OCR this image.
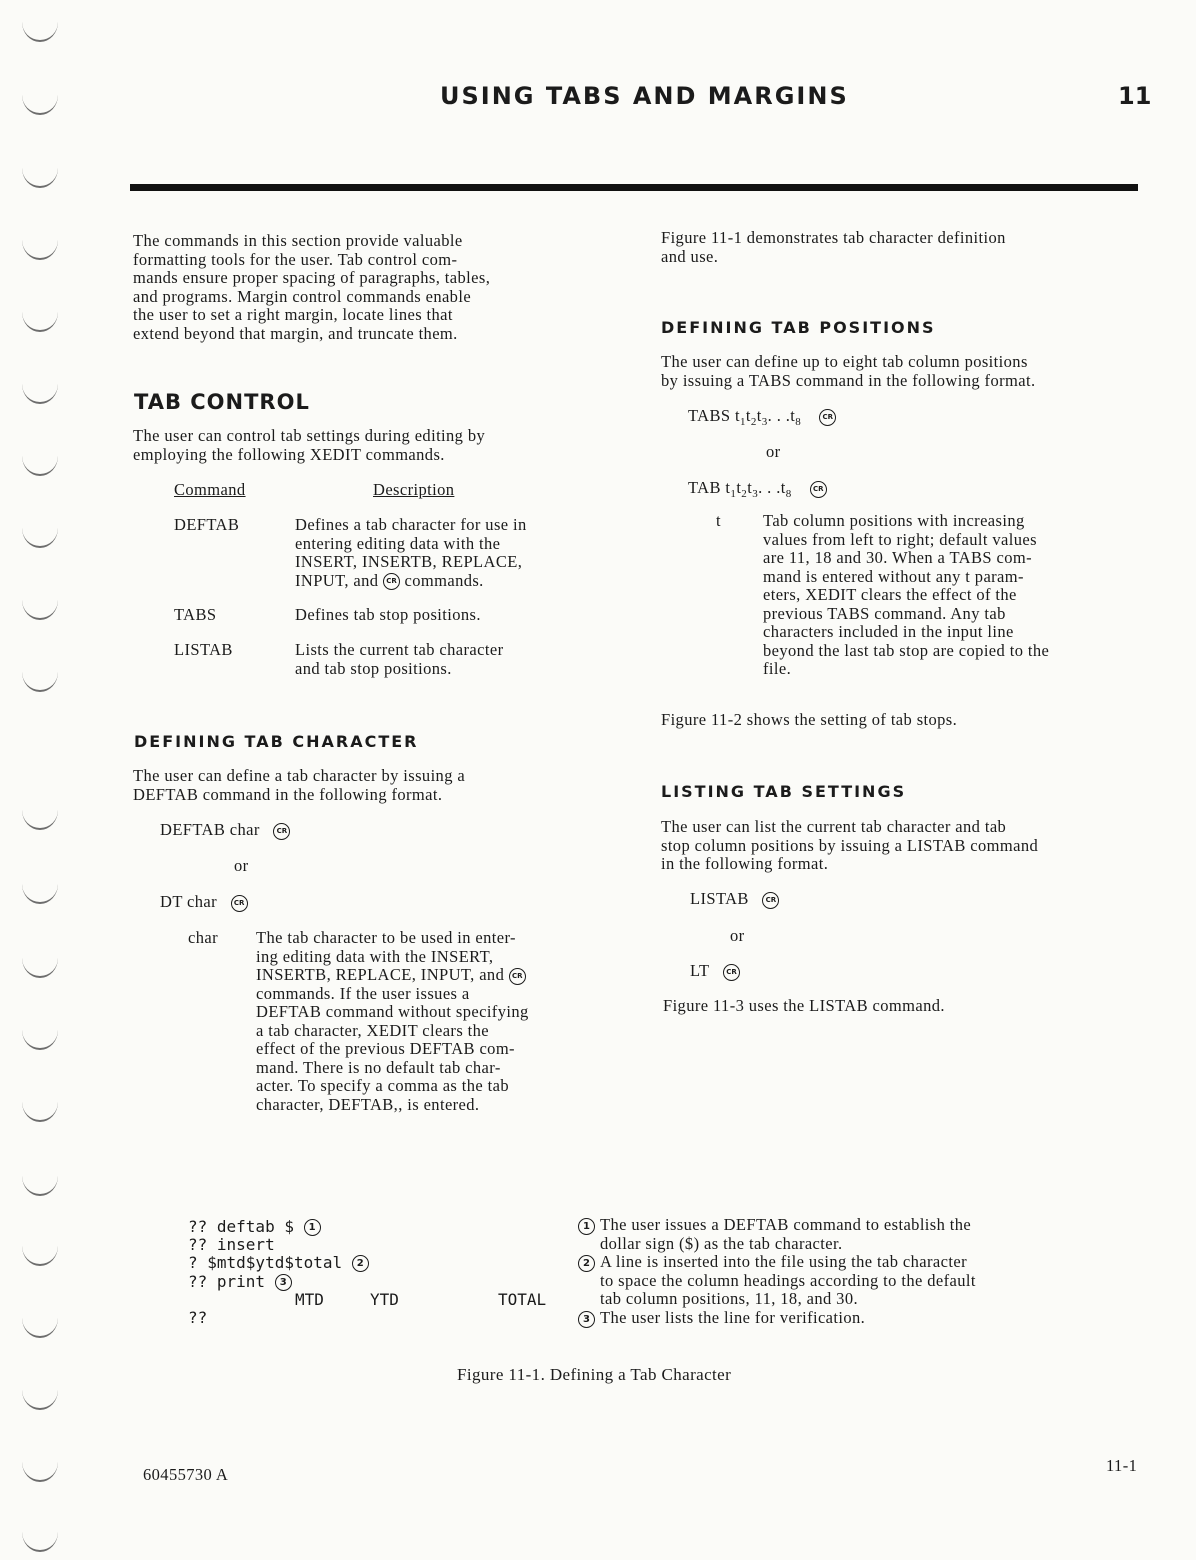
USING TABS AND MARGINS	11
The commands in this section provide valuable
formatting tools for the user. Tab control com-
mands ensure proper spacing of paragraphs, tables,
and programs. Margin control commands enable
the user to set a right margin, locate lines that
extend beyond that margin, and truncate them.
TAB CONTROL
The user can control tab settings during editing by
employing the following XEDIT commands.
Command	Description
DEFTAB	Defines a tab character for use in
entering editing data with the
INSERT, INSERTB, REPLACE,
INPUT, and CR commands.
TABS	Defines tab stop positions.
LISTAB	Lists the current tab character
and tab stop positions.
DEFINING TAB CHARACTER
The user can define a tab character by issuing a
DEFTAB command in the following format.
DEFTAB char CR
or
DT char CR
char The tab character to be used in enter-
ing editing data with the INSERT,
INSERTB, REPLACE, INPUT, and CR
commands. If the user issues a
DEFTAB command without specifying
a tab character, XEDIT clears the
effect of the previous DEFTAB com-
mand. There is no default tab char-
acter. To specify a comma as the tab
character, DEFTAB,, is entered.
Figure 11-1 demonstrates tab character definition
and use.
DEFINING TAB POSITIONS
The user can define up to eight tab column positions
by issuing a TABS command in the following format.
TABS $t_1t_2t_3$. . $.t_8$	CR
or
TAB $t_1t_2t_3$. . $.t_8$	CR
t	Tab column positions with increasing
values from left to right; default values
are 11, 18 and 30. When a TABS com-
mand is entered without any t param-
eters, XEDIT clears the effect of the
previous TABS command. Any tab
characters included in the input line
beyond the last tab stop are copied to the
file.
Figure 11-2 shows the setting of tab stops.
LISTING TAB SETTINGS
The user can list the current tab character and tab
stop column positions by issuing a LISTAB command
in the following format.
LISTAB CR
or
LT CR
Figure 11-3 uses the LISTAB command.
?? deftab $ 1
?? insert
? $mtd$ytd$total 2
?? print 3
MTD	YTD	TOTAL
??
1 The user issues a DEFTAB command to establish the
dollar sign ($) as the tab character.
2 A line is inserted into the file using the tab character
to space the column headings according to the default
tab column positions, 11, 18, and 30.
3 The user lists the line for verification.
Figure 11-1. Defining a Tab Character
60455730 A	11-1
